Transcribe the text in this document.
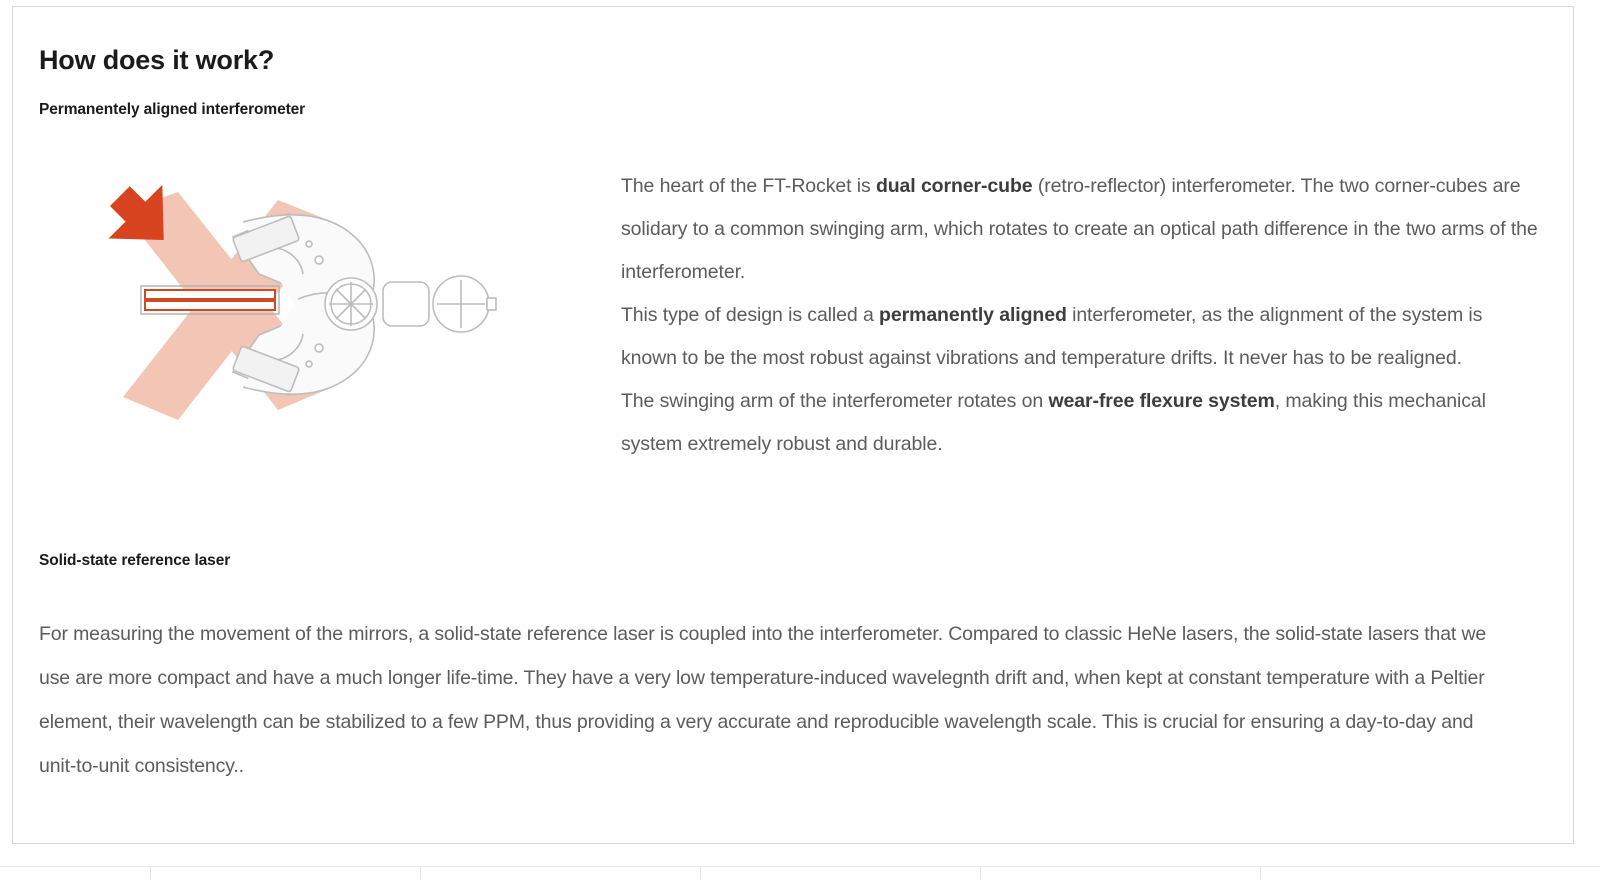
How does it work?
Permanentely aligned interferometer

The heart of the FT-Rocket is dual corner-cube (retro-reflector) interferometer. The two corner-cubes are solidary to a common swinging arm, which rotates to create an optical path difference in the two arms of the interferometer.

This type of design is called a permanently aligned interferometer, as the alignment of the system is known to be the most robust against vibrations and temperature drifts. It never has to be realigned.

The swinging arm of the interferometer rotates on wear-free flexure system, making this mechanical system extremely robust and durable.

Solid-state reference laser

For measuring the movement of the mirrors, a solid-state reference laser is coupled into the interferometer. Compared to classic HeNe lasers, the solid-state lasers that we use are more compact and have a much longer life-time. They have a very low temperature-induced wavelegnth drift and, when kept at constant temperature with a Peltier element, their wavelength can be stabilized to a few PPM, thus providing a very accurate and reproducible wavelength scale. This is crucial for ensuring a day-to-day and unit-to-unit consistency..
